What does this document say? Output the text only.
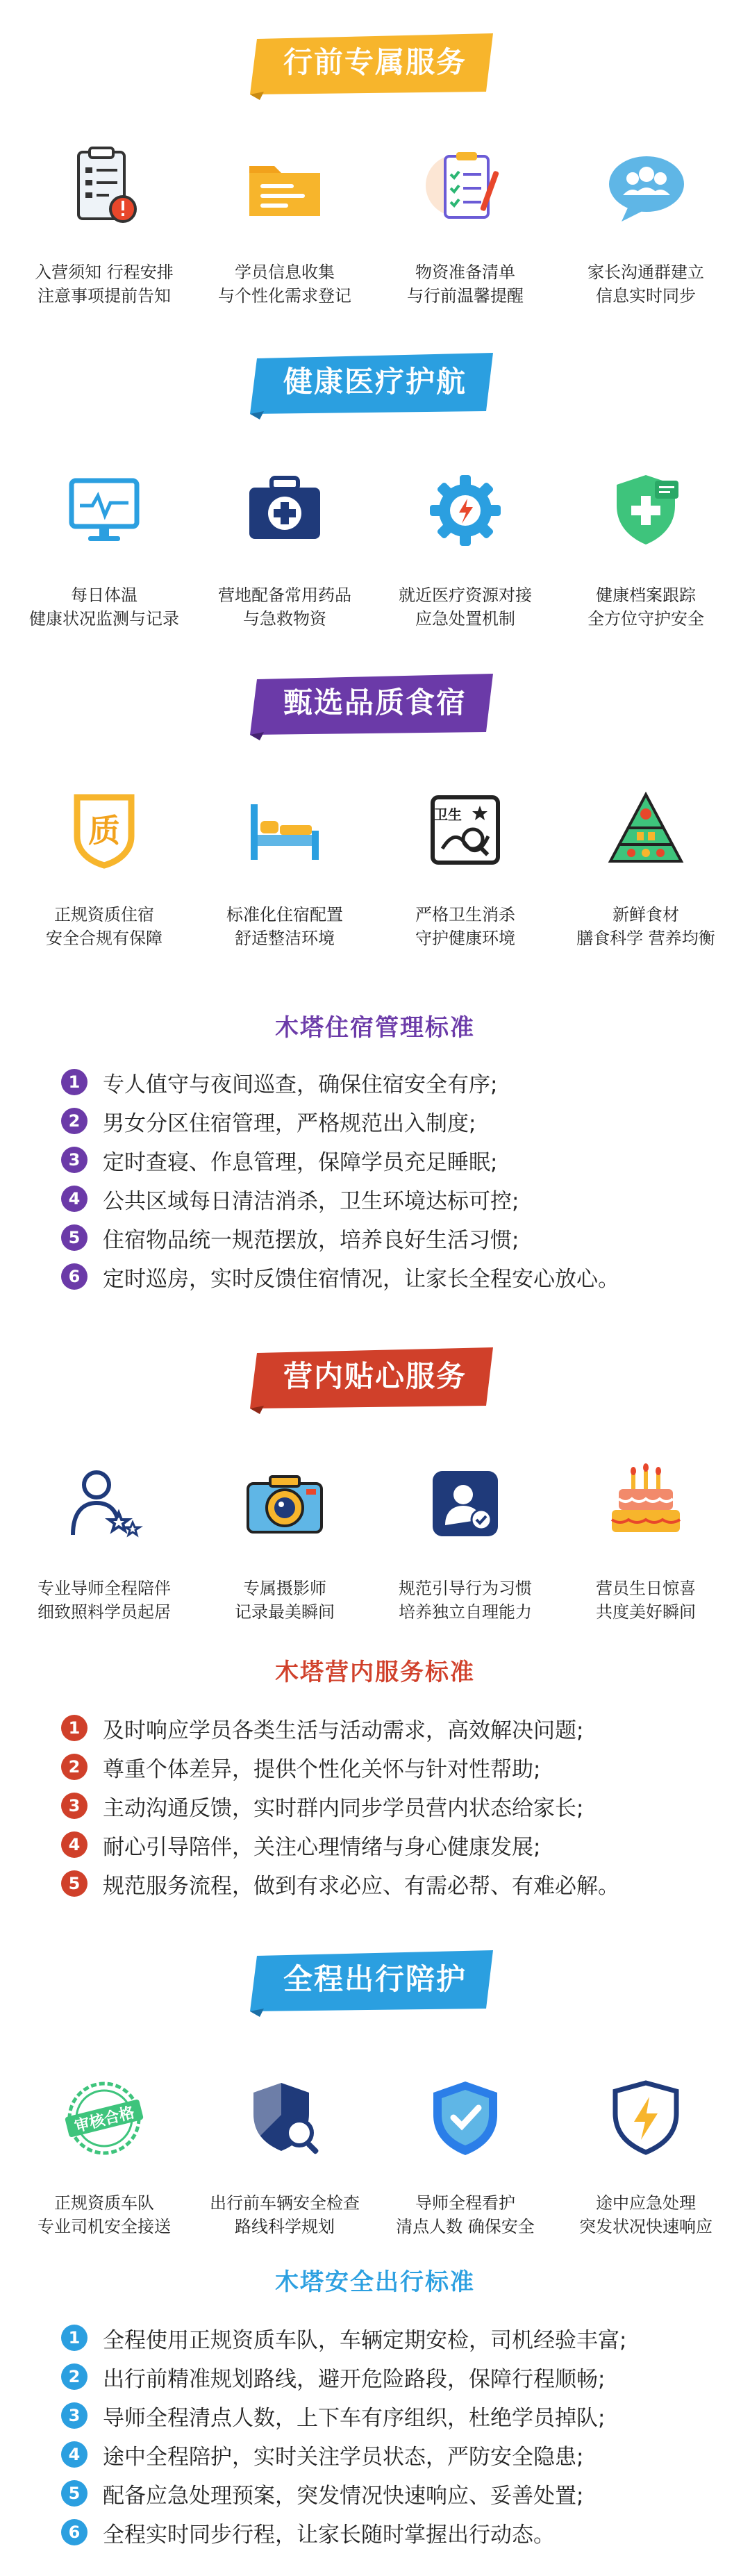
行前专属服务
入营须知 行程安排
注意事项提前告知
学员信息收集
与个性化需求登记
物资准备清单
与行前温馨提醒
家长沟通群建立
信息实时同步
健康医疗护航
每日体温
健康状况监测与记录
营地配备常用药品
与急救物资
就近医疗资源对接
应急处置机制
健康档案跟踪
全方位守护安全
甄选品质食宿
质
正规资质住宿
安全合规有保障
标准化住宿配置
舒适整洁环境
卫生
严格卫生消杀
守护健康环境
新鲜食材
膳食科学 营养均衡
木塔住宿管理标准
1	专人值守与夜间巡查，确保住宿安全有序;
2	男女分区住宿管理，严格规范出入制度;
3	定时查寝、作息管理，保障学员充足睡眠;
4	公共区域每日清洁消杀，卫生环境达标可控;
5	住宿物品统一规范摆放，培养良好生活习惯;
6	定时巡房，实时反馈住宿情况，让家长全程安心放心。
营内贴心服务
专业导师全程陪伴
细致照料学员起居
专属摄影师
记录最美瞬间
规范引导行为习惯
培养独立自理能力
营员生日惊喜
共度美好瞬间
木塔营内服务标准
1	及时响应学员各类生活与活动需求，高效解决问题;
2	尊重个体差异，提供个性化关怀与针对性帮助;
3	主动沟通反馈，实时群内同步学员营内状态给家长;
4	耐心引导陪伴，关注心理情绪与身心健康发展;
5	规范服务流程，做到有求必应、有需必帮、有难必解。
全程出行陪护
审核合格
正规资质车队
专业司机安全接送
出行前车辆安全检查
路线科学规划
导师全程看护
清点人数 确保安全
途中应急处理
突发状况快速响应
木塔安全出行标准
1	全程使用正规资质车队，车辆定期安检，司机经验丰富;
2	出行前精准规划路线，避开危险路段，保障行程顺畅;
3	导师全程清点人数，上下车有序组织，杜绝学员掉队;
4	途中全程陪护，实时关注学员状态，严防安全隐患;
5	配备应急处理预案，突发情况快速响应、妥善处置;
6	全程实时同步行程，让家长随时掌握出行动态。
